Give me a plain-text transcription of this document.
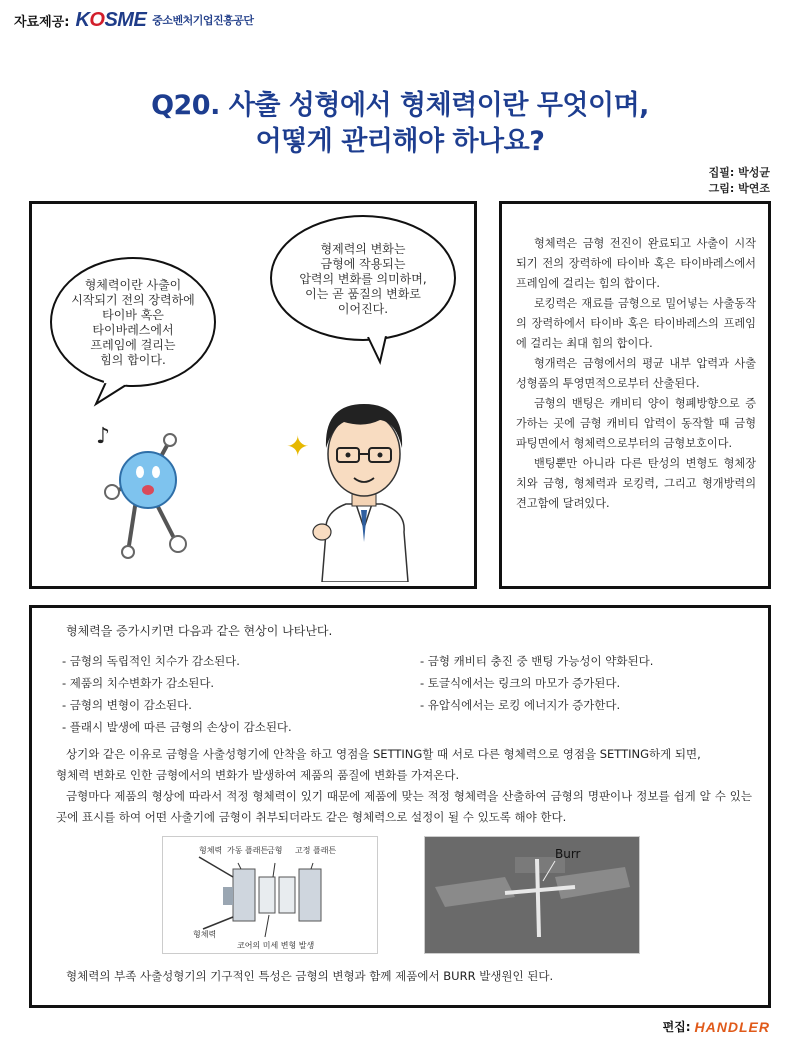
자료제공: KOSME 중소벤처기업진흥공단
Q20. 사출 성형에서 형체력이란 무엇이며,
어떻게 관리해야 하나요?
집필: 박성균
그림: 박연조
형체력이란 사출이
시작되기 전의 장력하에
타이바 혹은
타이바레스에서
프레임에 걸리는
힘의 합이다.
형제력의 변화는
금형에 작용되는
압력의 변화를 의미하며,
이는 곧 품질의 변화로
이어진다.
♪	✦

형체력은 금형 전진이 완료되고 사출이 시작되기 전의 장력하에 타이바 혹은 타이바레스에서 프레임에 걸리는 힘의 합이다.

로킹력은 재료를 금형으로 밀어넣는 사출동작의 장력하에서 타이바 혹은 타이바레스의 프레임에 걸리는 최대 힘의 합이다.

형개력은 금형에서의 평균 내부 압력과 사출성형품의 투영면적으로부터 산출된다.

금형의 밴팅은 캐비티 양이 형폐방향으로 증가하는 곳에 금형 캐비티 압력이 동작할 때 금형파팅면에서 형체력으로부터의 금형보호이다.

밴팅뿐만 아니라 다른 탄성의 변형도 형체장치와 금형, 형체력과 로킹력, 그리고 형개방력의 견고함에 달려있다.

형체력을 증가시키면 다음과 같은 현상이 나타난다.
- 금형의 독립적인 치수가 감소된다.
- 제품의 치수변화가 감소된다.
- 금형의 변형이 감소된다.
- 플래시 발생에 따른 금형의 손상이 감소된다.
- 금형 캐비티 충진 중 밴팅 가능성이 약화된다.
- 토글식에서는 링크의 마모가 증가된다.
- 유압식에서는 로킹 에너지가 증가한다.
상기와 같은 이유로 금형을 사출성형기에 안착을 하고 영점을 SETTING할 때 서로 다른 형체력으로 영점을 SETTING하게 되면,
형체력 변화로 인한 금형에서의 변화가 발생하여 제품의 품질에 변화를 가져온다.
금형마다 제품의 형상에 따라서 적정 형체력이 있기 때문에 제품에 맞는 적정 형체력을 산출하여 금형의 명판이나 정보를 쉽게 알 수 있는 곳에 표시를 하여 어떤 사출기에 금형이 취부되더라도 같은 형체력으로 설정이 될 수 있도록 해야 한다.
형체력 가동 플래튼
금형 고정 플래튼
형체력
코어의 미세 변형 발생
Burr
형체력의 부족 사출성형기의 기구적인 특성은 금형의 변형과 함께 제품에서 BURR 발생원인 된다.
편집: HANDLER
